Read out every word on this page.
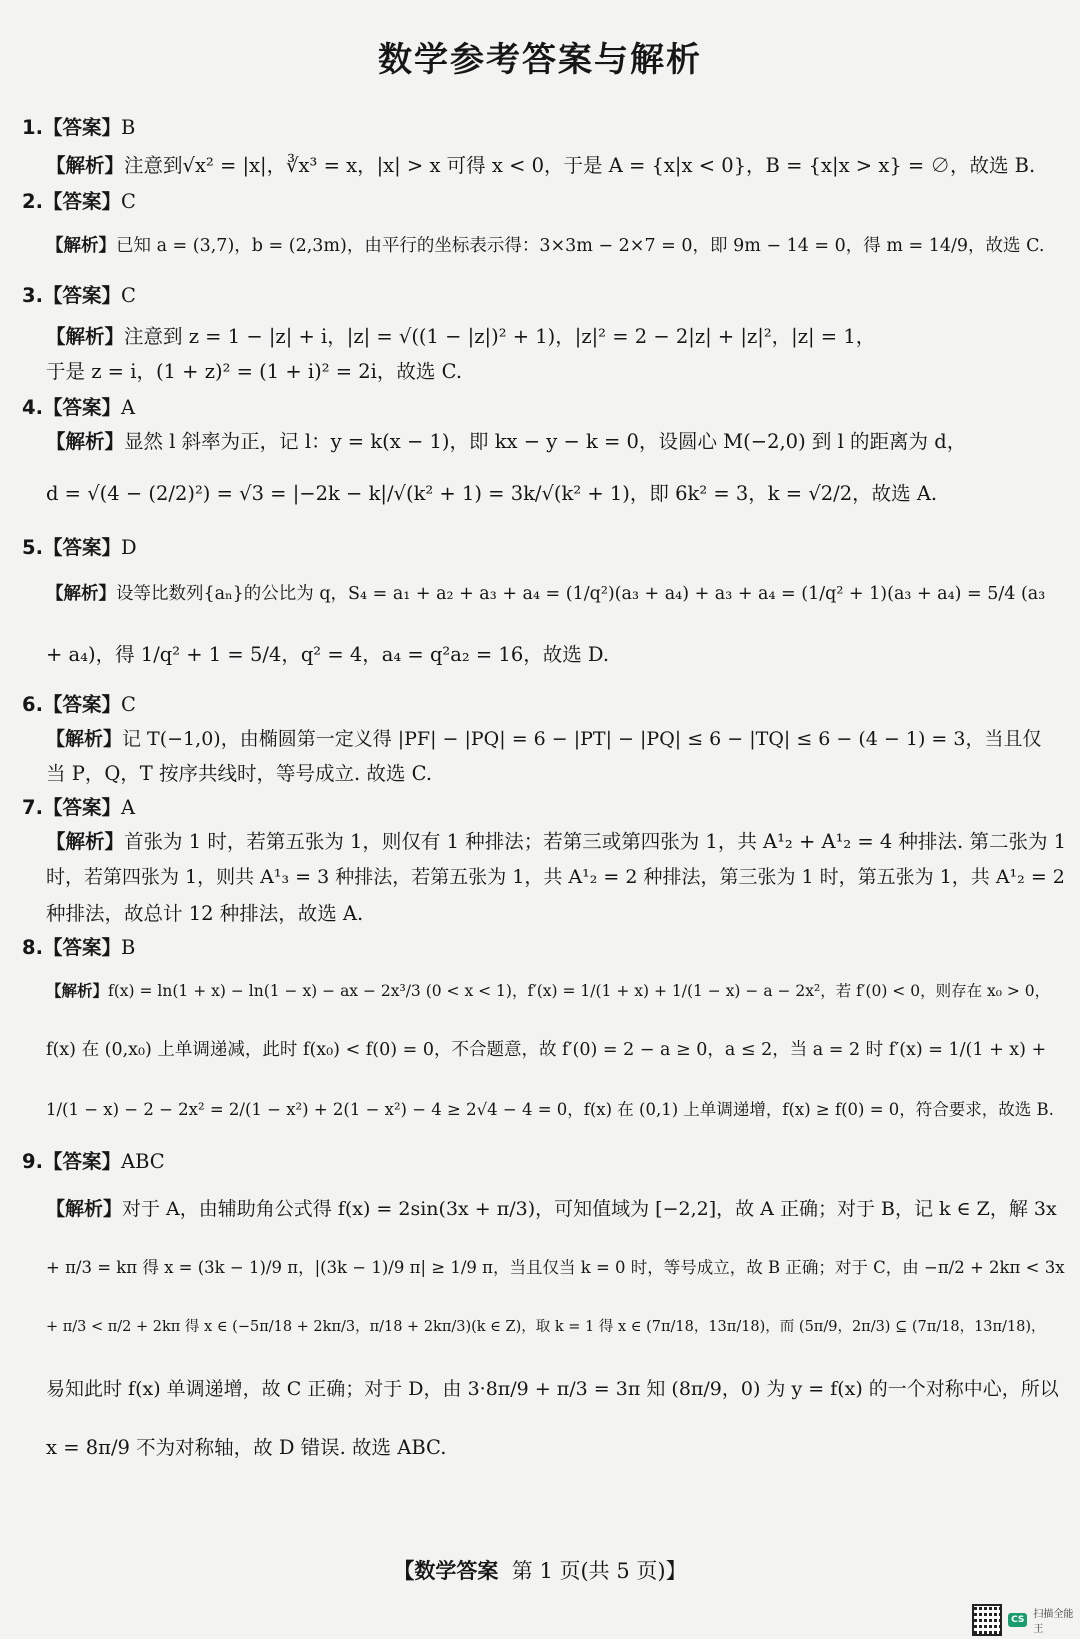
数学参考答案与解析
1.【答案】B
【解析】注意到√x² = |x|，∛x³ = x，|x| > x 可得 x < 0，于是 A = {x|x < 0}，B = {x|x > x} = ∅，故选 B.
2.【答案】C
【解析】已知 a = (3,7)，b = (2,3m)，由平行的坐标表示得：3×3m − 2×7 = 0，即 9m − 14 = 0，得 m = 14/9，故选 C.
3.【答案】C
【解析】注意到 z = 1 − |z| + i，|z| = √((1 − |z|)² + 1)，|z|² = 2 − 2|z| + |z|²，|z| = 1，
于是 z = i，(1 + z)² = (1 + i)² = 2i，故选 C.
4.【答案】A
【解析】显然 l 斜率为正，记 l：y = k(x − 1)，即 kx − y − k = 0，设圆心 M(−2,0) 到 l 的距离为 d，
d = √(4 − (2/2)²) = √3 = |−2k − k|/√(k² + 1) = 3k/√(k² + 1)，即 6k² = 3，k = √2/2，故选 A.
5.【答案】D
【解析】设等比数列{aₙ}的公比为 q，S₄ = a₁ + a₂ + a₃ + a₄ = (1/q²)(a₃ + a₄) + a₃ + a₄ = (1/q² + 1)(a₃ + a₄) = 5/4 (a₃
+ a₄)，得 1/q² + 1 = 5/4，q² = 4，a₄ = q²a₂ = 16，故选 D.
6.【答案】C
【解析】记 T(−1,0)，由椭圆第一定义得 |PF| − |PQ| = 6 − |PT| − |PQ| ≤ 6 − |TQ| ≤ 6 − (4 − 1) = 3，当且仅
当 P，Q，T 按序共线时，等号成立. 故选 C.
7.【答案】A
【解析】首张为 1 时，若第五张为 1，则仅有 1 种排法；若第三或第四张为 1，共 A¹₂ + A¹₂ = 4 种排法. 第二张为 1
时，若第四张为 1，则共 A¹₃ = 3 种排法，若第五张为 1，共 A¹₂ = 2 种排法，第三张为 1 时，第五张为 1，共 A¹₂ = 2
种排法，故总计 12 种排法，故选 A.
8.【答案】B
【解析】f(x) = ln(1 + x) − ln(1 − x) − ax − 2x³/3 (0 < x < 1)，f′(x) = 1/(1 + x) + 1/(1 − x) − a − 2x²，若 f′(0) < 0，则存在 x₀ > 0，
f(x) 在 (0,x₀) 上单调递减，此时 f(x₀) < f(0) = 0，不合题意，故 f′(0) = 2 − a ≥ 0，a ≤ 2，当 a = 2 时 f′(x) = 1/(1 + x) +
1/(1 − x) − 2 − 2x² = 2/(1 − x²) + 2(1 − x²) − 4 ≥ 2√4 − 4 = 0，f(x) 在 (0,1) 上单调递增，f(x) ≥ f(0) = 0，符合要求，故选 B.
9.【答案】ABC
【解析】对于 A，由辅助角公式得 f(x) = 2sin(3x + π/3)，可知值域为 [−2,2]，故 A 正确；对于 B，记 k ∈ Z，解 3x
+ π/3 = kπ 得 x = (3k − 1)/9 π，|(3k − 1)/9 π| ≥ 1/9 π，当且仅当 k = 0 时，等号成立，故 B 正确；对于 C，由 −π/2 + 2kπ < 3x
+ π/3 < π/2 + 2kπ 得 x ∈ (−5π/18 + 2kπ/3，π/18 + 2kπ/3)(k ∈ Z)，取 k = 1 得 x ∈ (7π/18，13π/18)，而 (5π/9，2π/3) ⊆ (7π/18，13π/18)，
易知此时 f(x) 单调递增，故 C 正确；对于 D，由 3·8π/9 + π/3 = 3π 知 (8π/9，0) 为 y = f(x) 的一个对称中心，所以
x = 8π/9 不为对称轴，故 D 错误. 故选 ABC.
【数学答案 第 1 页(共 5 页)】
CS 扫描全能王
